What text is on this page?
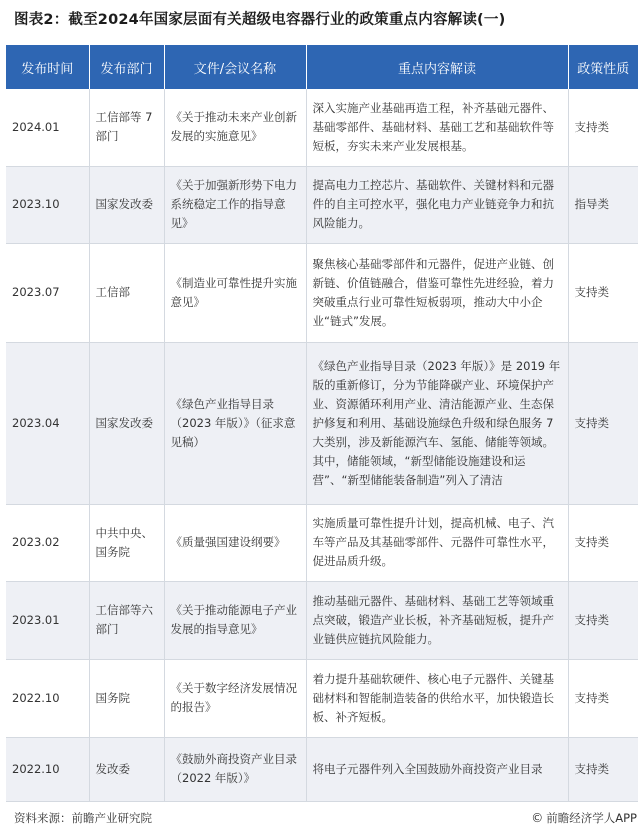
图表2：截至2024年国家层面有关超级电容器行业的政策重点内容解读(一)
发布时间	发布部门	文件/会议名称	重点内容解读	政策性质
2024.01	工信部等 7 部门	《关于推动未来产业创新发展的实施意见》	深入实施产业基础再造工程，补齐基础元器件、基础零部件、基础材料、基础工艺和基础软件等短板，夯实未来产业发展根基。	支持类
2023.10	国家发改委	《关于加强新形势下电力系统稳定工作的指导意见》	提高电力工控芯片、基础软件、关键材料和元器件的自主可控水平，强化电力产业链竞争力和抗风险能力。	指导类
2023.07	工信部	《制造业可靠性提升实施意见》	聚焦核心基础零部件和元器件，促进产业链、创新链、价值链融合，借鉴可靠性先进经验，着力突破重点行业可靠性短板弱项，推动大中小企业“链式”发展。	支持类
2023.04	国家发改委	《绿色产业指导目录（2023 年版）》（征求意见稿）	《绿色产业指导目录（2023 年版）》是 2019 年版的重新修订，分为节能降碳产业、环境保护产业、资源循环利用产业、清洁能源产业、生态保护修复和利用、基础设施绿色升级和绿色服务 7 大类别，涉及新能源汽车、氢能、储能等领域。其中，储能领域，“新型储能设施建设和运营”、“新型储能装备制造”列入了清洁	支持类
2023.02	中共中央、国务院	《质量强国建设纲要》	实施质量可靠性提升计划，提高机械、电子、汽车等产品及其基础零部件、元器件可靠性水平，促进品质升级。	支持类
2023.01	工信部等六部门	《关于推动能源电子产业发展的指导意见》	推动基础元器件、基础材料、基础工艺等领域重点突破，锻造产业长板，补齐基础短板，提升产业链供应链抗风险能力。	支持类
2022.10	国务院	《关于数字经济发展情况的报告》	着力提升基础软硬件、核心电子元器件、关键基础材料和智能制造装备的供给水平，加快锻造长板、补齐短板。	支持类
2022.10	发改委	《鼓励外商投资产业目录（2022 年版）》	将电子元器件列入全国鼓励外商投资产业目录	支持类
资料来源：前瞻产业研究院	© 前瞻经济学人APP
